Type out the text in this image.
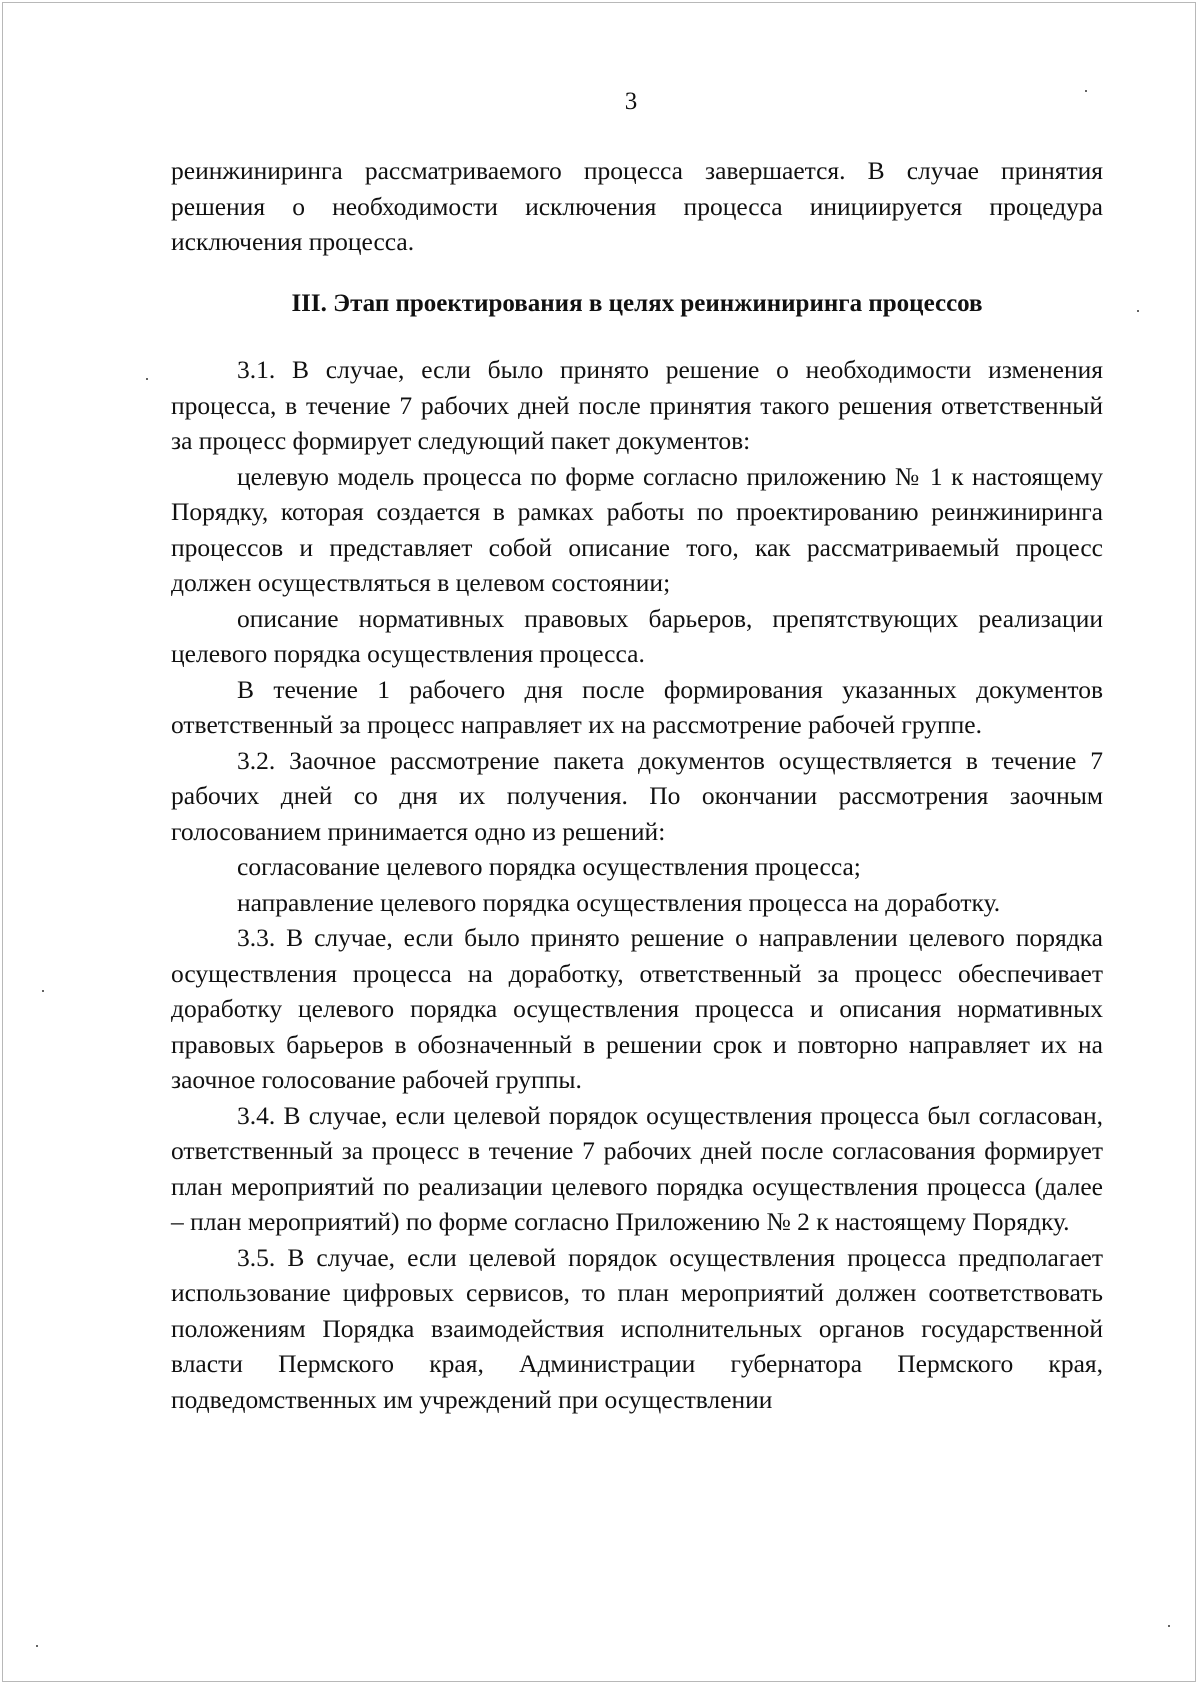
3

реинжиниринга рассматриваемого процесса завершается. В случае принятия решения о необходимости исключения процесса инициируется процедура исключения процесса.

III. Этап проектирования в целях реинжиниринга процессов

3.1. В случае, если было принято решение о необходимости изменения процесса, в течение 7 рабочих дней после принятия такого решения ответственный за процесс формирует следующий пакет документов:

целевую модель процесса по форме согласно приложению № 1 к настоящему Порядку, которая создается в рамках работы по проектированию реинжиниринга процессов и представляет собой описание того, как рассматриваемый процесс должен осуществляться в целевом состоянии;

описание нормативных правовых барьеров, препятствующих реализации целевого порядка осуществления процесса.

В течение 1 рабочего дня после формирования указанных документов ответственный за процесс направляет их на рассмотрение рабочей группе.

3.2. Заочное рассмотрение пакета документов осуществляется в течение 7 рабочих дней со дня их получения. По окончании рассмотрения заочным голосованием принимается одно из решений:

согласование целевого порядка осуществления процесса;

направление целевого порядка осуществления процесса на доработку.

3.3. В случае, если было принято решение о направлении целевого порядка осуществления процесса на доработку, ответственный за процесс обеспечивает доработку целевого порядка осуществления процесса и описания нормативных правовых барьеров в обозначенный в решении срок и повторно направляет их на заочное голосование рабочей группы.

3.4. В случае, если целевой порядок осуществления процесса был согласован, ответственный за процесс в течение 7 рабочих дней после согласования формирует план мероприятий по реализации целевого порядка осуществления процесса (далее – план мероприятий) по форме согласно Приложению № 2 к настоящему Порядку.

3.5. В случае, если целевой порядок осуществления процесса предполагает использование цифровых сервисов, то план мероприятий должен соответствовать положениям Порядка взаимодействия исполнительных органов государственной власти Пермского края, Администрации губернатора Пермского края, подведомственных им учреждений при осуществлении
